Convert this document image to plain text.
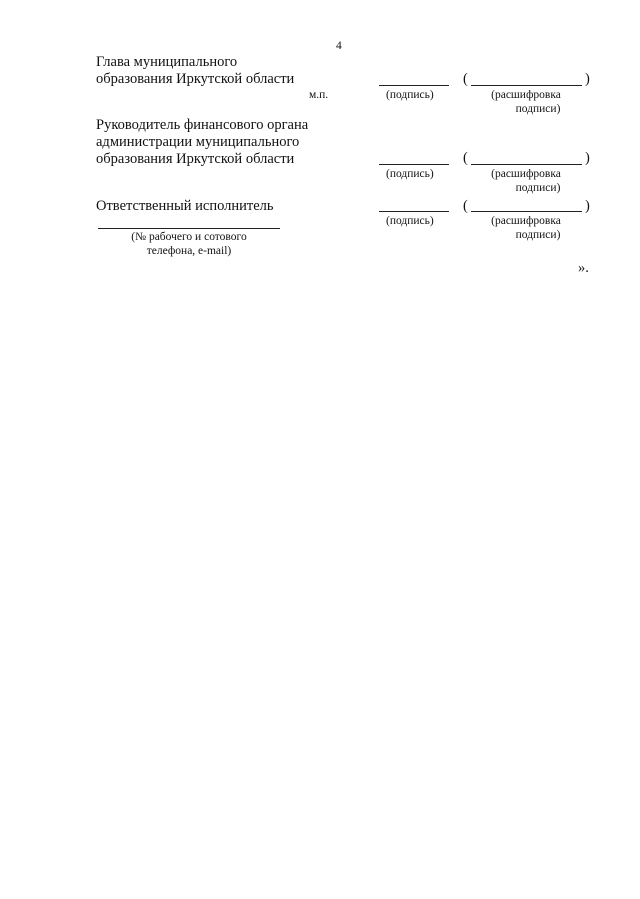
4
Глава муниципального
образования Иркутской области	(	)
м.п.	(подпись)	(расшифровка
подписи)
Руководитель финансового органа
администрации муниципального
образования Иркутской области	(	)
(подпись)	(расшифровка
подписи)
Ответственный исполнитель	(	)
(подпись)	(расшифровка
подписи)
(№ рабочего и сотового
телефона, e-mail)
».
